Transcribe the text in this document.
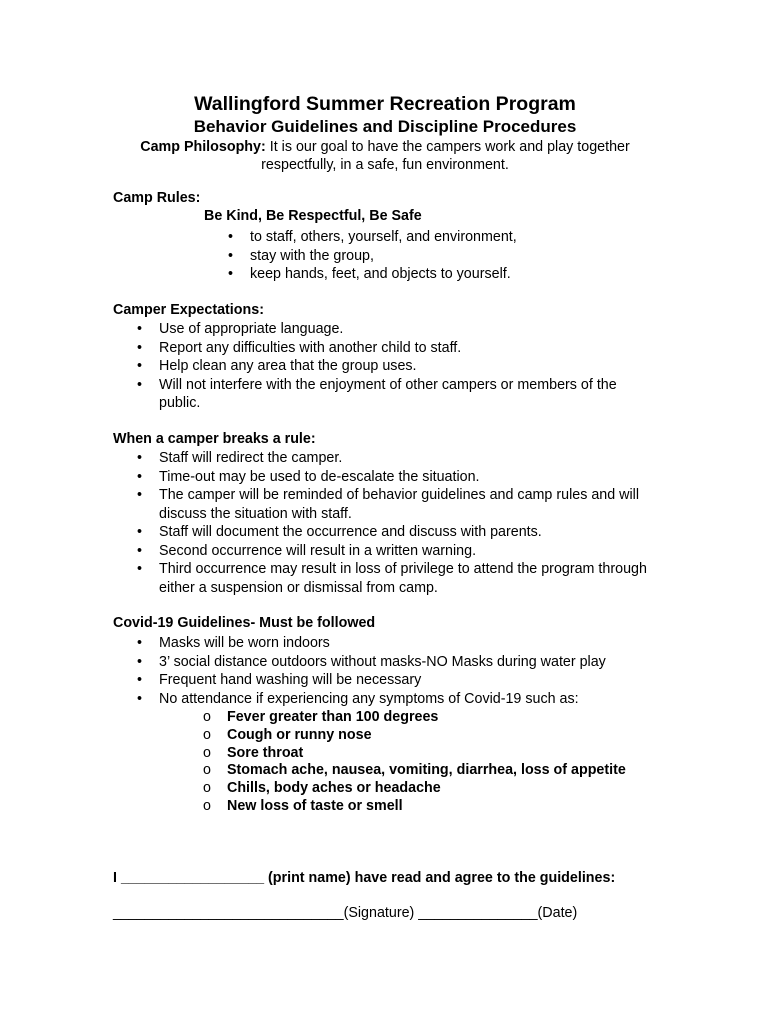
Wallingford Summer Recreation Program
Behavior Guidelines and Discipline Procedures

Camp Philosophy: It is our goal to have the campers work and play together respectfully, in a safe, fun environment.

Camp Rules:
Be Kind, Be Respectful, Be Safe
• to staff, others, yourself, and environment,
• stay with the group,
• keep hands, feet, and objects to yourself.
Camper Expectations:
• Use of appropriate language.
• Report any difficulties with another child to staff.
• Help clean any area that the group uses.
• Will not interfere with the enjoyment of other campers or members of the public.
When a camper breaks a rule:
• Staff will redirect the camper.
• Time-out may be used to de-escalate the situation.
• The camper will be reminded of behavior guidelines and camp rules and will discuss the situation with staff.
• Staff will document the occurrence and discuss with parents.
• Second occurrence will result in a written warning.
• Third occurrence may result in loss of privilege to attend the program through either a suspension or dismissal from camp.
Covid-19 Guidelines- Must be followed
• Masks will be worn indoors
• 3’ social distance outdoors without masks-NO Masks during water play
• Frequent hand washing will be necessary
• No attendance if experiencing any symptoms of Covid-19 such as:
o Fever greater than 100 degrees
o Cough or runny nose
o Sore throat
o Stomach ache, nausea, vomiting, diarrhea, loss of appetite
o Chills, body aches or headache
o New loss of taste or smell
I __________________ (print name) have read and agree to the guidelines:
_____________________________(Signature) _______________(Date)
